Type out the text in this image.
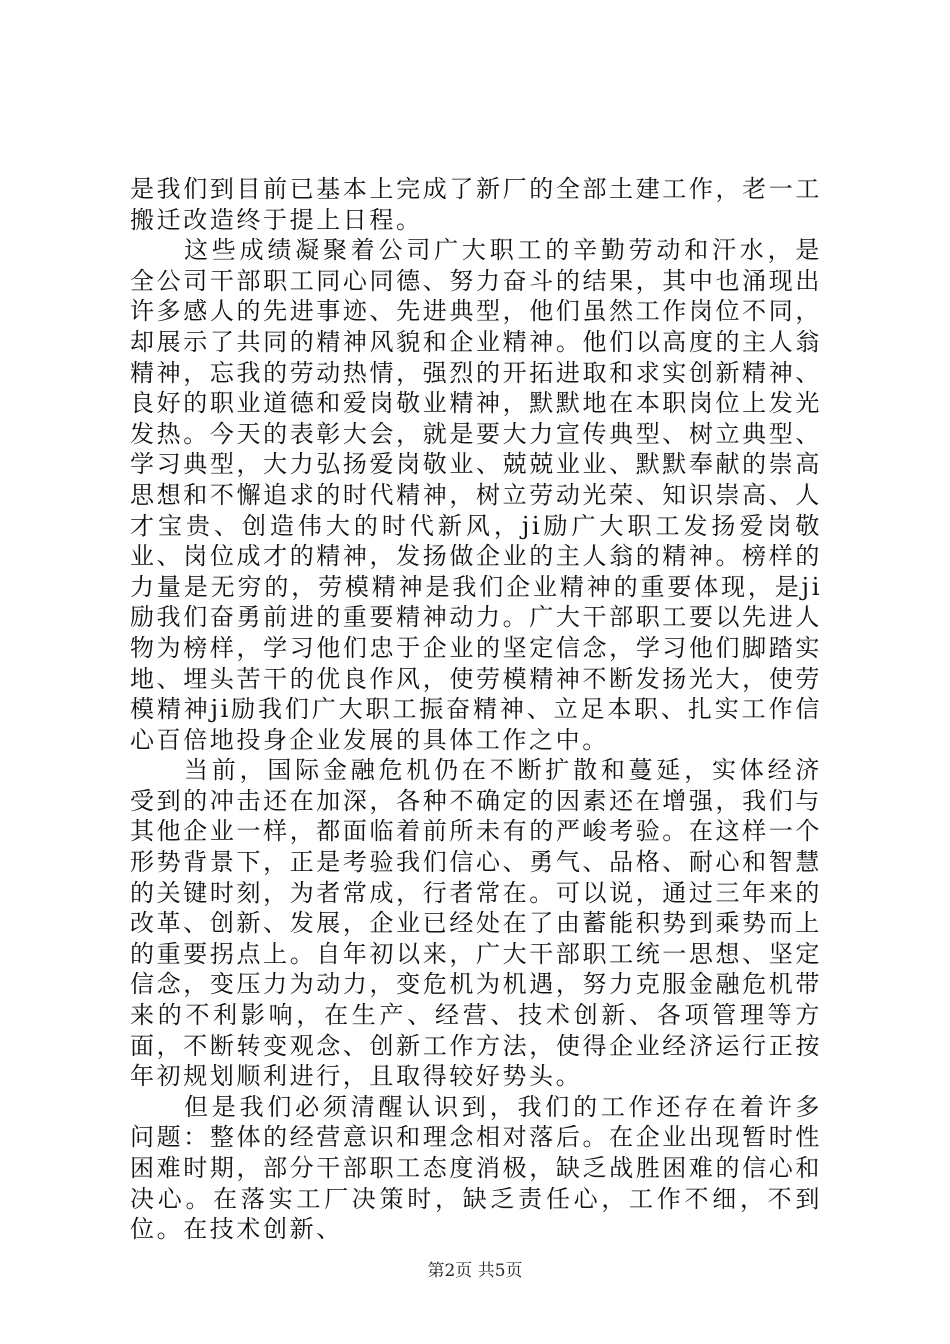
是我们到目前已基本上完成了新厂的全部土建工作，老一工搬迁改造终于提上日程。

这些成绩凝聚着公司广大职工的辛勤劳动和汗水，是全公司干部职工同心同德、努力奋斗的结果，其中也涌现出许多感人的先进事迹、先进典型，他们虽然工作岗位不同，却展示了共同的精神风貌和企业精神。他们以高度的主人翁精神，忘我的劳动热情，强烈的开拓进取和求实创新精神、良好的职业道德和爱岗敬业精神，默默地在本职岗位上发光发热。今天的表彰大会，就是要大力宣传典型、树立典型、学习典型，大力弘扬爱岗敬业、兢兢业业、默默奉献的崇高思想和不懈追求的时代精神，树立劳动光荣、知识崇高、人才宝贵、创造伟大的时代新风，ji励广大职工发扬爱岗敬业、岗位成才的精神，发扬做企业的主人翁的精神。榜样的力量是无穷的，劳模精神是我们企业精神的重要体现，是ji励我们奋勇前进的重要精神动力。广大干部职工要以先进人物为榜样，学习他们忠于企业的坚定信念，学习他们脚踏实地、埋头苦干的优良作风，使劳模精神不断发扬光大，使劳模精神ji励我们广大职工振奋精神、立足本职、扎实工作信心百倍地投身企业发展的具体工作之中。

当前，国际金融危机仍在不断扩散和蔓延，实体经济受到的冲击还在加深，各种不确定的因素还在增强，我们与其他企业一样，都面临着前所未有的严峻考验。在这样一个形势背景下，正是考验我们信心、勇气、品格、耐心和智慧的关键时刻，为者常成，行者常在。可以说，通过三年来的改革、创新、发展，企业已经处在了由蓄能积势到乘势而上的重要拐点上。自年初以来，广大干部职工统一思想、坚定信念，变压力为动力，变危机为机遇，努力克服金融危机带来的不利影响，在生产、经营、技术创新、各项管理等方面，不断转变观念、创新工作方法，使得企业经济运行正按年初规划顺利进行，且取得较好势头。

但是我们必须清醒认识到，我们的工作还存在着许多问题：整体的经营意识和理念相对落后。在企业出现暂时性困难时期，部分干部职工态度消极，缺乏战胜困难的信心和决心。在落实工厂决策时，缺乏责任心，工作不细，不到位。在技术创新、

第2页 共5页
